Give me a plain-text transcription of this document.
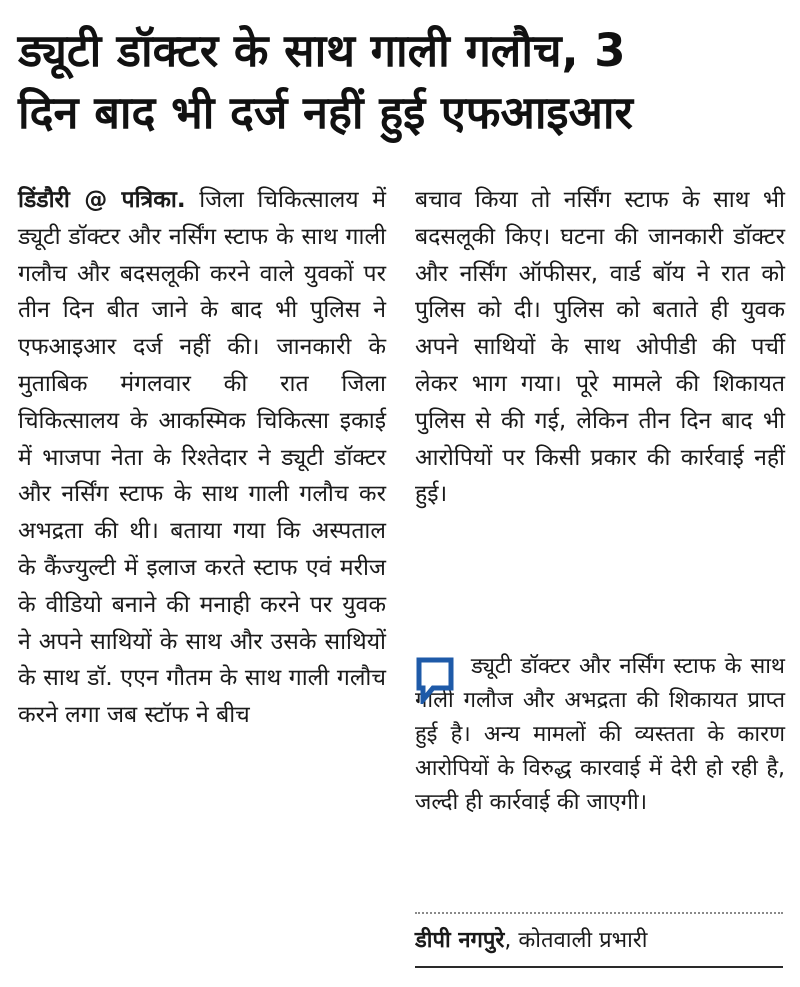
ड्यूटी डॉक्टर के साथ गाली गलौच, 3
दिन बाद भी दर्ज नहीं हुई एफआइआर
डिंडौरी @ पत्रिका. जिला चिकित्सालय में ड्यूटी डॉक्टर और नर्सिंग स्टाफ के साथ गाली गलौच और बदसलूकी करने वाले युवकों पर तीन दिन बीत जाने के बाद भी पुलिस ने एफआइआर दर्ज नहीं की। जानकारी के मुताबिक मंगलवार की रात जिला चिकित्सालय के आकस्मिक चिकित्सा इकाई में भाजपा नेता के रिश्तेदार ने ड्यूटी डॉक्टर और नर्सिंग स्टाफ के साथ गाली गलौच कर अभद्रता की थी। बताया गया कि अस्पताल के कैंज्युल्टी में इलाज करते स्टाफ एवं मरीज के वीडियो बनाने की मनाही करने पर युवक ने अपने साथियों के साथ और उसके साथियों के साथ डॉ. एएन गौतम के साथ गाली गलौच करने लगा जब स्टॉफ ने बीच
बचाव किया तो नर्सिंग स्टाफ के साथ भी बदसलूकी किए। घटना की जानकारी डॉक्टर और नर्सिंग ऑफीसर, वार्ड बॉय ने रात को पुलिस को दी। पुलिस को बताते ही युवक अपने साथियों के साथ ओपीडी की पर्ची लेकर भाग गया। पूरे मामले की शिकायत पुलिस से की गई, लेकिन तीन दिन बाद भी आरोपियों पर किसी प्रकार की कार्रवाई नहीं हुई।

ड्यूटी डॉक्टर और नर्सिंग स्टाफ के साथ गाली गलौज और अभद्रता की शिकायत प्राप्त हुई है। अन्य मामलों की व्यस्तता के कारण आरोपियों के विरुद्ध कारवाई में देरी हो रही है, जल्दी ही कार्रवाई की जाएगी।

डीपी नगपुरे, कोतवाली प्रभारी
